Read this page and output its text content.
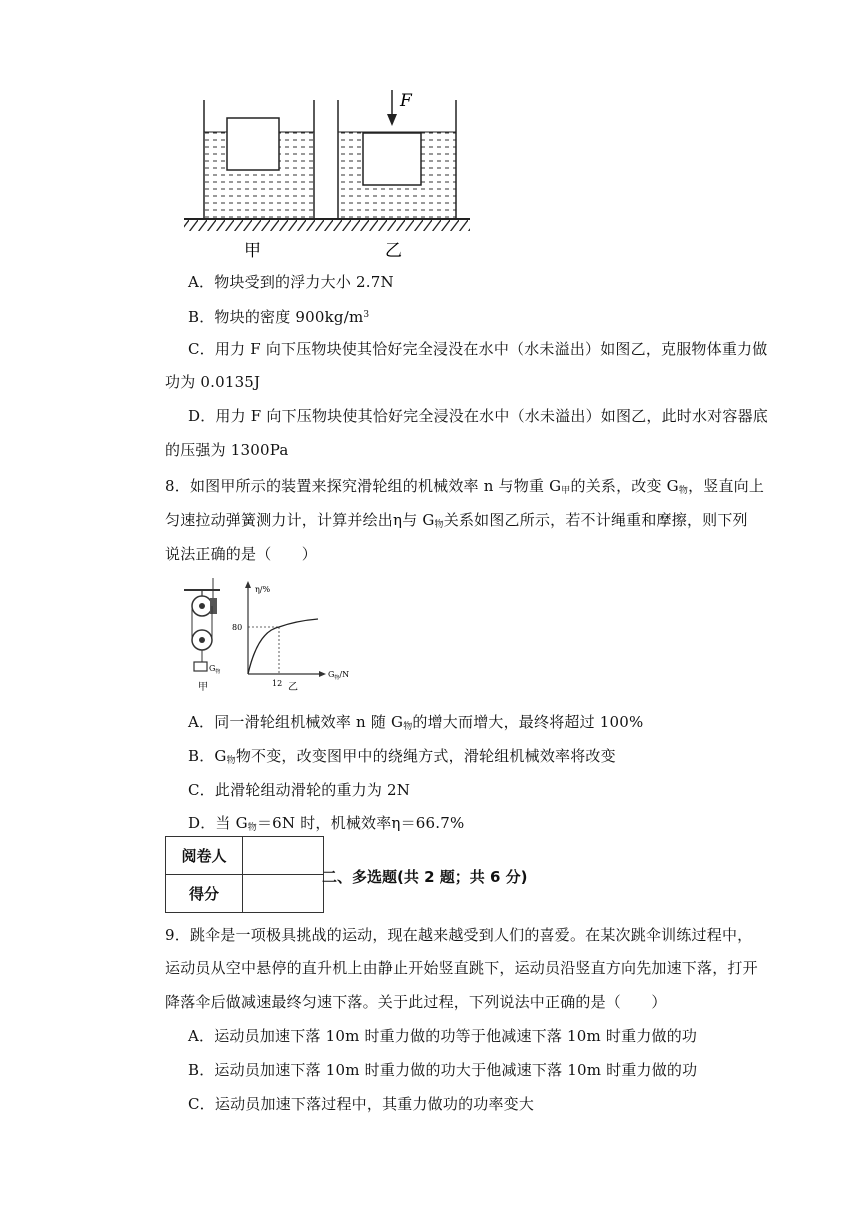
F
甲	乙
A．物块受到的浮力大小 2.7N
B．物块的密度 $900kg/m^3$
C．用力 F 向下压物块使其恰好完全浸没在水中（水未溢出）如图乙，克服物体重力做
功为 0.0135J
D．用力 F 向下压物块使其恰好完全浸没在水中（水未溢出）如图乙，此时水对容器底
的压强为 1300Pa
8．如图甲所示的装置来探究滑轮组的机械效率 n 与物重 $G_甲$的关系，改变 $G_物$，竖直向上
匀速拉动弹簧测力计，计算并绘出η与 $G_物$关系如图乙所示，若不计绳重和摩擦，则下列
说法正确的是（　　）
$G_物$
甲
η/%
$G_物/N$
80
12 乙
A．同一滑轮组机械效率 n 随 $G_物$的增大而增大，最终将超过 100%
B．$G_物$物不变，改变图甲中的绕绳方式，滑轮组机械效率将改变
C．此滑轮组动滑轮的重力为 2N
D．当 $G_物=6N$ 时，机械效率η＝66.7%
阅卷人	
得分	
二、多选题(共 2 题；共 6 分)
9．跳伞是一项极具挑战的运动，现在越来越受到人们的喜爱。在某次跳伞训练过程中，
运动员从空中悬停的直升机上由静止开始竖直跳下，运动员沿竖直方向先加速下落，打开
降落伞后做减速最终匀速下落。关于此过程，下列说法中正确的是（　　）
A．运动员加速下落 10m 时重力做的功等于他减速下落 10m 时重力做的功
B．运动员加速下落 10m 时重力做的功大于他减速下落 10m 时重力做的功
C．运动员加速下落过程中，其重力做功的功率变大
